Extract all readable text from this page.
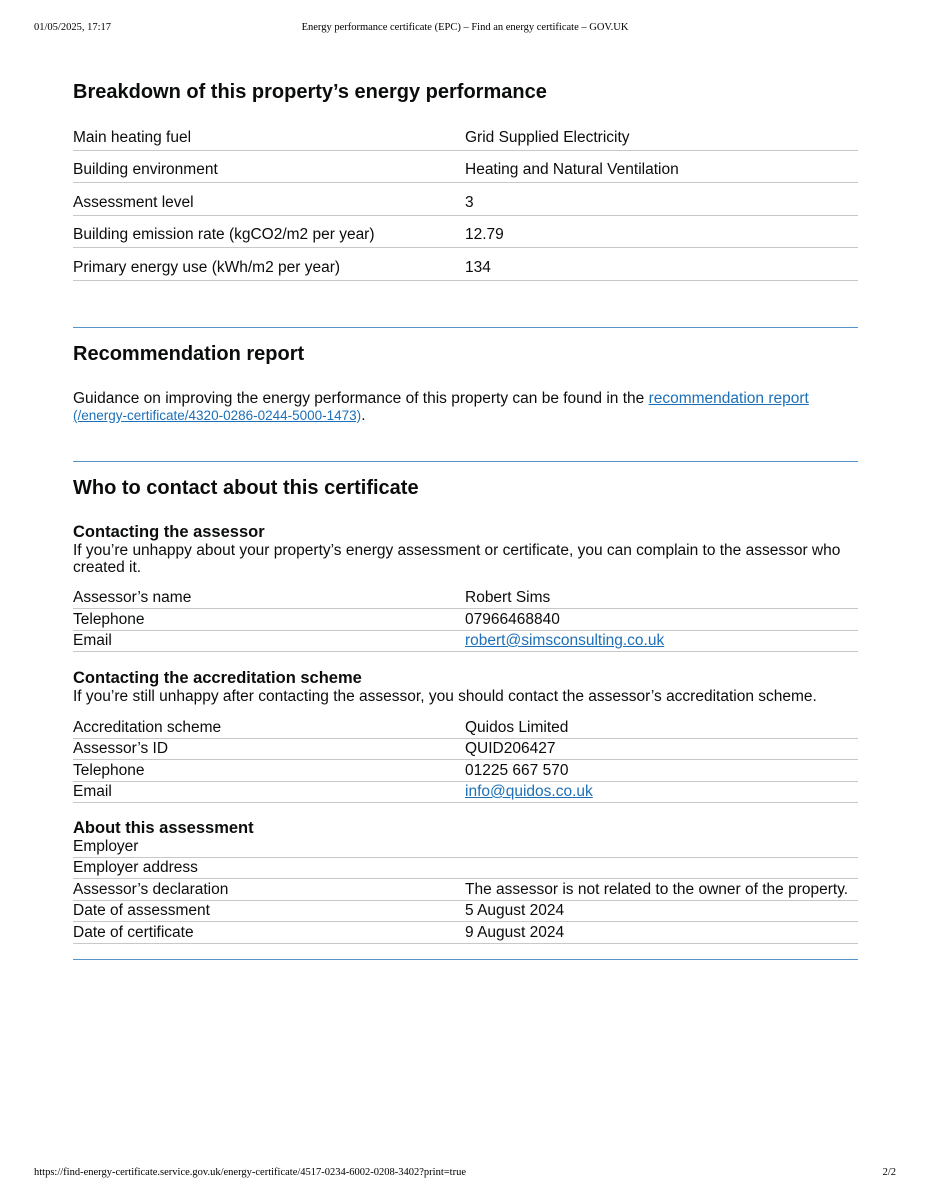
01/05/2025, 17:17	Energy performance certificate (EPC) – Find an energy certificate – GOV.UK
Breakdown of this property’s energy performance
Main heating fuel	Grid Supplied Electricity
Building environment	Heating and Natural Ventilation
Assessment level	3
Building emission rate (kgCO2/m2 per year)	12.79
Primary energy use (kWh/m2 per year)	134
Recommendation report

Guidance on improving the energy performance of this property can be found in the recommendation report
(/energy-certificate/4320-0286-0244-5000-1473).

Who to contact about this certificate
Contacting the assessor

If you’re unhappy about your property’s energy assessment or certificate, you can complain to the assessor who created it.

Assessor’s name	Robert Sims
Telephone	07966468840
Email	robert@simsconsulting.co.uk
Contacting the accreditation scheme

If you’re still unhappy after contacting the assessor, you should contact the assessor’s accreditation scheme.

Accreditation scheme	Quidos Limited
Assessor’s ID	QUID206427
Telephone	01225 667 570
Email	info@quidos.co.uk
About this assessment
Employer	
Employer address	
Assessor’s declaration	The assessor is not related to the owner of the property.
Date of assessment	5 August 2024
Date of certificate	9 August 2024
https://find-energy-certificate.service.gov.uk/energy-certificate/4517-0234-6002-0208-3402?print=true	2/2
